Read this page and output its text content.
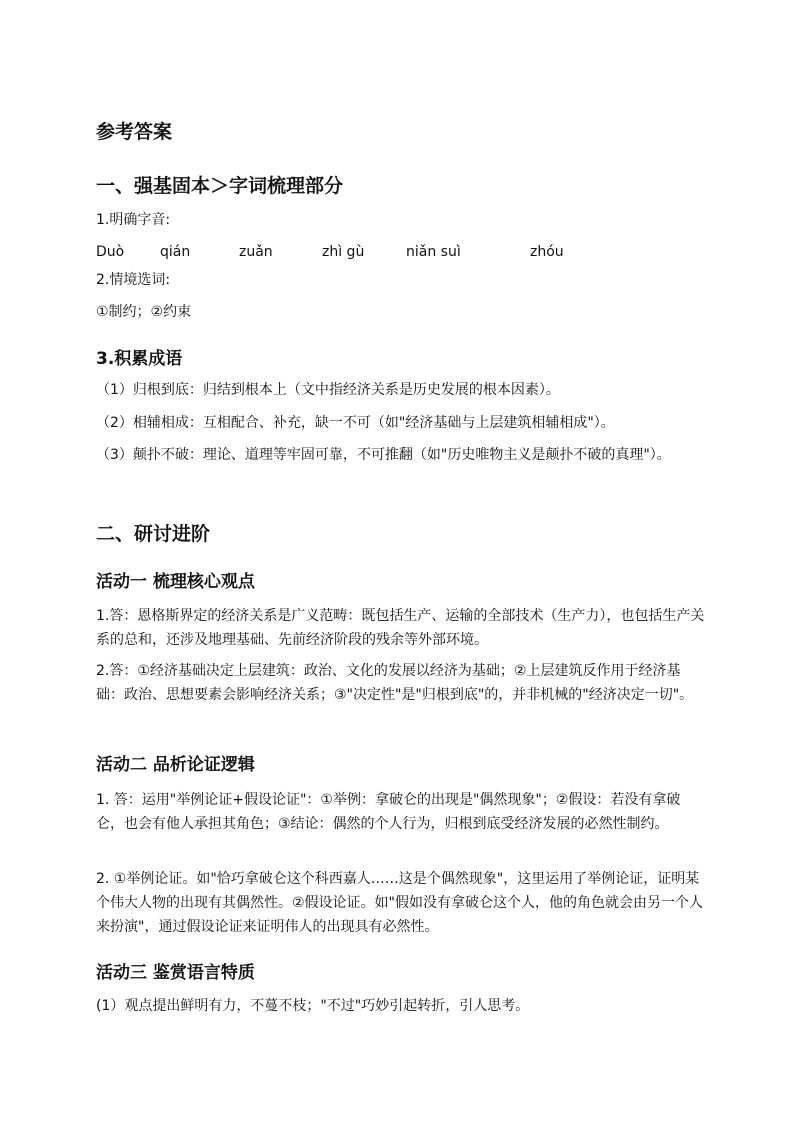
参考答案
一、强基固本＞字词梳理部分
1.明确字音:
Duò	qián	zuǎn	zhì gù	niǎn suì	zhóu
2.情境选词:
①制约；②约束
3.积累成语
（1）归根到底：归结到根本上（文中指经济关系是历史发展的根本因素）。
（2）相辅相成：互相配合、补充，缺一不可（如"经济基础与上层建筑相辅相成"）。
（3）颠扑不破：理论、道理等牢固可靠，不可推翻（如"历史唯物主义是颠扑不破的真理"）。
二、研讨进阶
活动一 梳理核心观点
1.答：恩格斯界定的经济关系是广义范畴：既包括生产、运输的全部技术（生产力），也包括生产关系的总和，还涉及地理基础、先前经济阶段的残余等外部环境。
2.答：①经济基础决定上层建筑：政治、文化的发展以经济为基础；②上层建筑反作用于经济基础：政治、思想要素会影响经济关系；③"决定性"是"归根到底"的，并非机械的"经济决定一切"。
活动二 品析论证逻辑
1. 答：运用"举例论证+假设论证"：①举例：拿破仑的出现是"偶然现象"；②假设：若没有拿破仑，也会有他人承担其角色；③结论：偶然的个人行为，归根到底受经济发展的必然性制约。
2. ①举例论证。如"恰巧拿破仑这个科西嘉人……这是个偶然现象"，这里运用了举例论证，证明某个伟大人物的出现有其偶然性。②假设论证。如"假如没有拿破仑这个人，他的角色就会由另一个人来扮演"，通过假设论证来证明伟人的出现具有必然性。
活动三 鉴赏语言特质
(1）观点提出鲜明有力，不蔓不枝；"不过"巧妙引起转折，引人思考。
